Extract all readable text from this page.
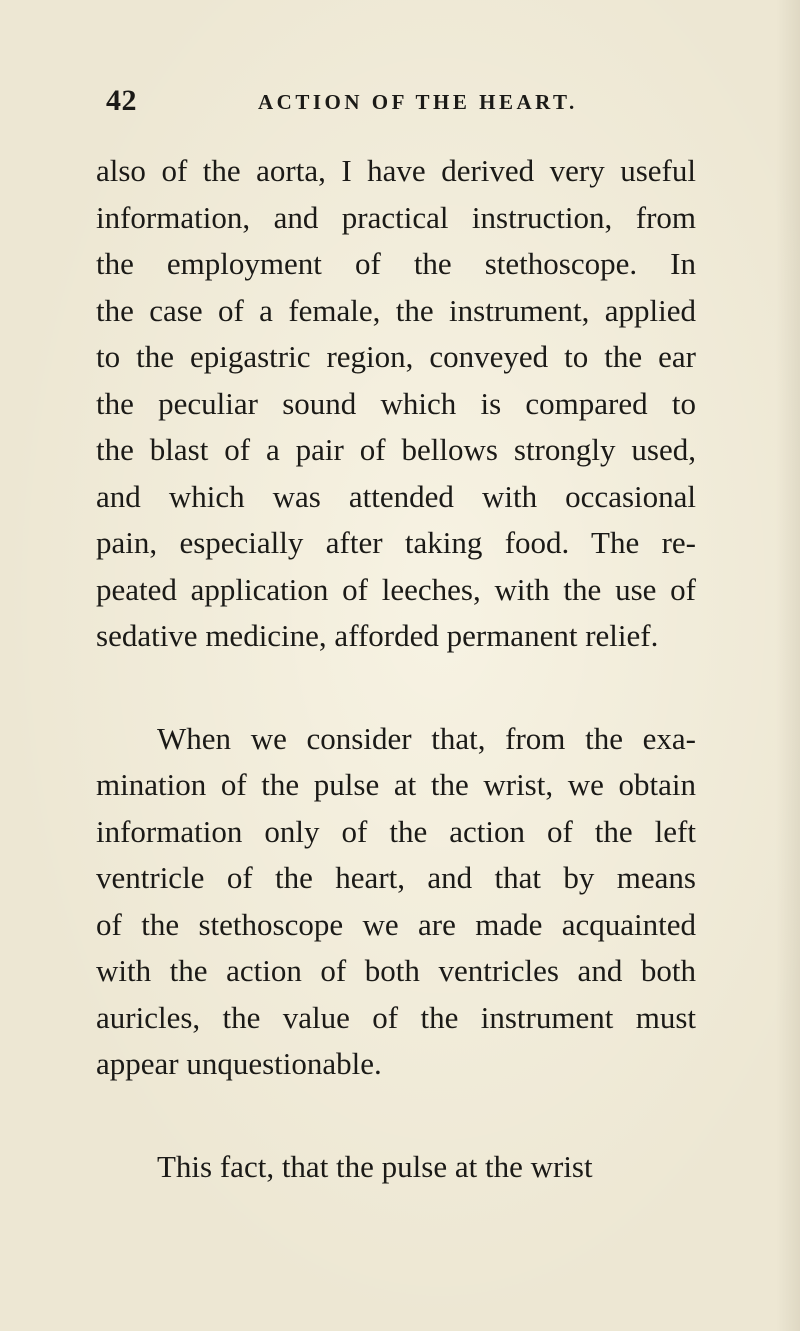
42	ACTION OF THE HEART.
also of the aorta, I have derived very useful
information, and practical instruction, from
the employment of the stethoscope. In
the case of a female, the instrument, applied
to the epigastric region, conveyed to the ear
the peculiar sound which is compared to
the blast of a pair of bellows strongly used,
and which was attended with occasional
pain, especially after taking food. The re-
peated application of leeches, with the use of
sedative medicine, afforded permanent relief.
When we consider that, from the exa-
mination of the pulse at the wrist, we obtain
information only of the action of the left
ventricle of the heart, and that by means
of the stethoscope we are made acquainted
with the action of both ventricles and both
auricles, the value of the instrument must
appear unquestionable.
This fact, that the pulse at the wrist
